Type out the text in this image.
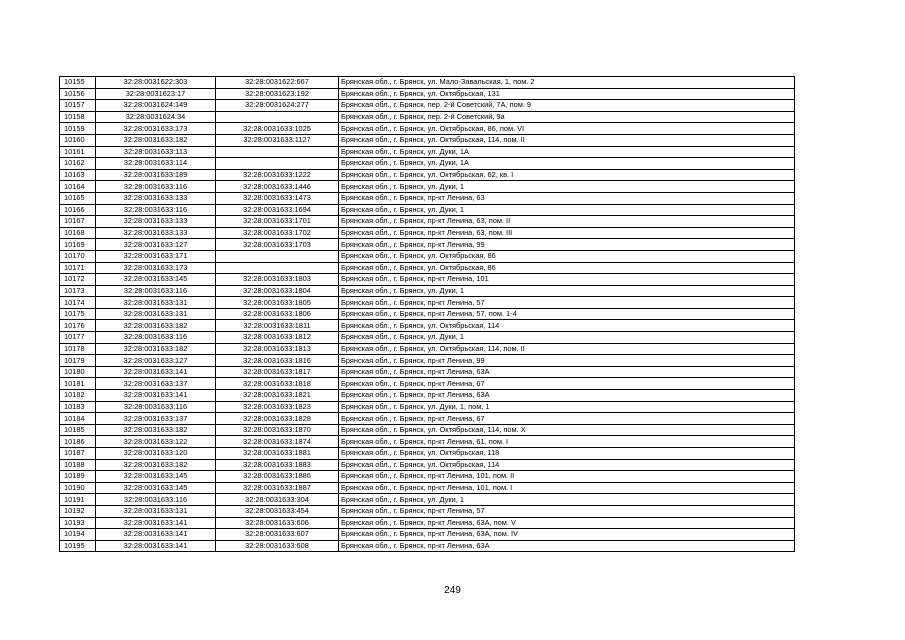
10155	32:28:0031622:303	32:28:0031622:667	Брянская обл., г. Брянск, ул. Мало-Завальская, 1, пом. 2
10156	32:28:0031623:17	32:28:0031623:192	Брянская обл., г. Брянск, ул. Октябрьская, 131
10157	32:28:0031624:149	32:28:0031624:277	Брянская обл., г. Брянск, пер. 2-й Советский, 7А, пом. 9
10158	32:28:0031624:34		Брянская обл., г. Брянск, пер. 2-й Советский, 9а
10159	32:28:0031633:173	32:28:0031633:1025	Брянская обл., г. Брянск, ул. Октябрьская, 86, пом. VI
10160	32:28:0031633:182	32:28:0031633:1127	Брянская обл., г. Брянск, ул. Октябрьская, 114, пом. II
10161	32:28:0031633:113		Брянская обл., г. Брянск, ул. Дуки, 1А
10162	32:28:0031633:114		Брянская обл., г. Брянск, ул. Дуки, 1А
10163	32:28:0031633:189	32:28:0031633:1222	Брянская обл., г. Брянск, ул. Октябрьская, 62, кв. I
10164	32:28:0031633:116	32:28:0031633:1446	Брянская обл., г. Брянск, ул. Дуки, 1
10165	32:28:0031633:133	32:28:0031633:1473	Брянская обл., г. Брянск, пр-кт Ленина, 63
10166	32:28:0031633:116	32:28:0031633:1694	Брянская обл., г. Брянск, ул. Дуки, 1
10167	32:28:0031633:133	32:28:0031633:1701	Брянская обл., г. Брянск, пр-кт Ленина, 63, пом. II
10168	32:28:0031633:133	32:28:0031633:1702	Брянская обл., г. Брянск, пр-кт Ленина, 63, пом. III
10169	32:28:0031633:127	32:28:0031633:1703	Брянская обл., г. Брянск, пр-кт Ленина, 99
10170	32:28:0031633:171		Брянская обл., г. Брянск, ул. Октябрьская, 86
10171	32:28:0031633:173		Брянская обл., г. Брянск, ул. Октябрьская, 86
10172	32:28:0031633:145	32:28:0031633:1803	Брянская обл., г. Брянск, пр-кт Ленина, 101
10173	32:28:0031633:116	32:28:0031633:1804	Брянская обл., г. Брянск, ул. Дуки, 1
10174	32:28:0031633:131	32:28:0031633:1805	Брянская обл., г. Брянск, пр-кт Ленина, 57
10175	32:28:0031633:131	32:28:0031633:1806	Брянская обл., г. Брянск, пр-кт Ленина, 57, пом. 1-4
10176	32:28:0031633:182	32:28:0031633:1811	Брянская обл., г. Брянск, ул. Октябрьская, 114
10177	32:28:0031633:116	32:28:0031633:1812	Брянская обл., г. Брянск, ул. Дуки, 1
10178	32:28:0031633:182	32:28:0031633:1813	Брянская обл., г. Брянск, ул. Октябрьская, 114, пом. II
10179	32:28:0031633:127	32:28:0031633:1816	Брянская обл., г. Брянск, пр-кт Ленина, 99
10180	32:28:0031633:141	32:28:0031633:1817	Брянская обл., г. Брянск, пр-кт Ленина, 63А
10181	32:28:0031633:137	32:28:0031633:1818	Брянская обл., г. Брянск, пр-кт Ленина, 67
10182	32:28:0031633:141	32:28:0031633:1821	Брянская обл., г. Брянск, пр-кт Ленина, 63А
10183	32:28:0031633:116	32:28:0031633:1823	Брянская обл., г. Брянск, ул. Дуки, 1, пом. 1
10184	32:28:0031633:137	32:28:0031633:1828	Брянская обл., г. Брянск, пр-кт Ленина, 67
10185	32:28:0031633:182	32:28:0031633:1870	Брянская обл., г. Брянск, ул. Октябрьская, 114, пом. X
10186	32:28:0031633:122	32:28:0031633:1874	Брянская обл., г. Брянск, пр-кт Ленина, 61, пом. I
10187	32:28:0031633:120	32:28:0031633:1881	Брянская обл., г. Брянск, ул. Октябрьская, 118
10188	32:28:0031633:182	32:28:0031633:1883	Брянская обл., г. Брянск, ул. Октябрьская, 114
10189	32:28:0031633:145	32:28:0031633:1886	Брянская обл., г. Брянск, пр-кт Ленина, 101, пом. II
10190	32:28:0031633:145	32:28:0031633:1887	Брянская обл., г. Брянск, пр-кт Ленина, 101, пом. I
10191	32:28:0031633:116	32:28:0031633:304	Брянская обл., г. Брянск, ул. Дуки, 1
10192	32:28:0031633:131	32:28:0031633:454	Брянская обл., г. Брянск, пр-кт Ленина, 57
10193	32:28:0031633:141	32:28:0031633:606	Брянская обл., г. Брянск, пр-кт Ленина, 63А, пом. V
10194	32:28:0031633:141	32:28:0031633:607	Брянская обл., г. Брянск, пр-кт Ленина, 63А, пом. IV
10195	32:28:0031633:141	32:28:0031633:608	Брянская обл., г. Брянск, пр-кт Ленина, 63А
249
